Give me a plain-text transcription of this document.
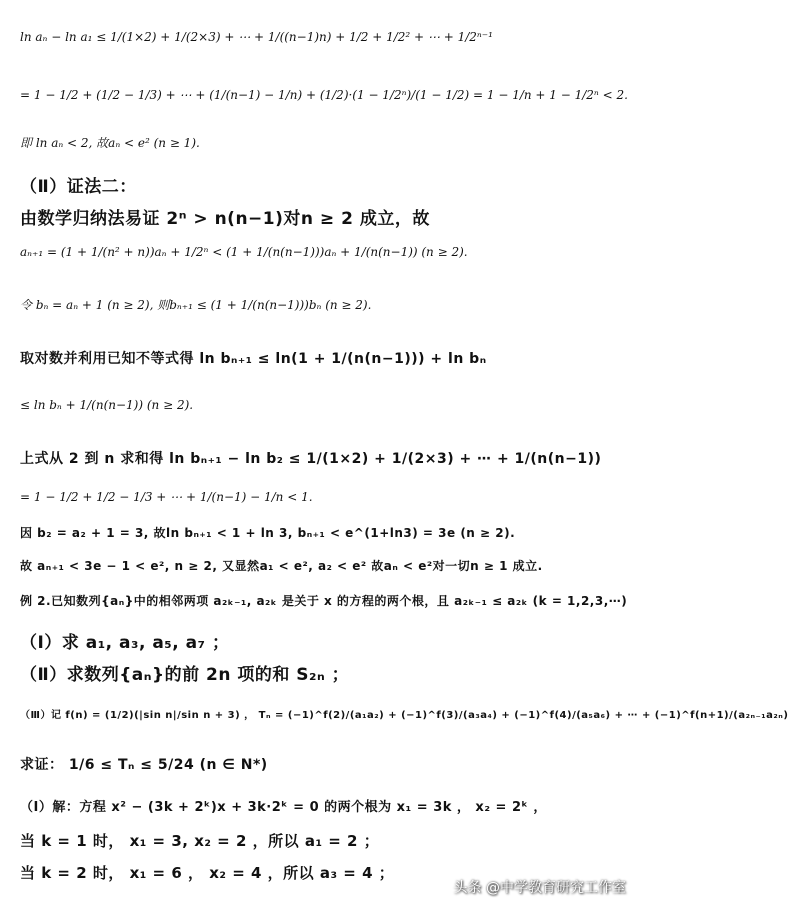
ln aₙ − ln a₁ ≤ 1/(1×2) + 1/(2×3) + ⋯ + 1/((n−1)n) + 1/2 + 1/2² + ⋯ + 1/2ⁿ⁻¹
= 1 − 1/2 + (1/2 − 1/3) + ⋯ + (1/(n−1) − 1/n) + (1/2)·(1 − 1/2ⁿ)/(1 − 1/2) = 1 − 1/n + 1 − 1/2ⁿ < 2.
即 ln aₙ < 2, 故aₙ < e² (n ≥ 1).
（Ⅱ）证法二：
由数学归纳法易证 2ⁿ > n(n−1)对n ≥ 2 成立，故
aₙ₊₁ = (1 + 1/(n² + n))aₙ + 1/2ⁿ < (1 + 1/(n(n−1)))aₙ + 1/(n(n−1)) (n ≥ 2).
令 bₙ = aₙ + 1 (n ≥ 2), 则bₙ₊₁ ≤ (1 + 1/(n(n−1)))bₙ (n ≥ 2).
取对数并利用已知不等式得 ln bₙ₊₁ ≤ ln(1 + 1/(n(n−1))) + ln bₙ
≤ ln bₙ + 1/(n(n−1)) (n ≥ 2).
上式从 2 到 n 求和得 ln bₙ₊₁ − ln b₂ ≤ 1/(1×2) + 1/(2×3) + ⋯ + 1/(n(n−1))
= 1 − 1/2 + 1/2 − 1/3 + ⋯ + 1/(n−1) − 1/n < 1.
因 b₂ = a₂ + 1 = 3, 故ln bₙ₊₁ < 1 + ln 3, bₙ₊₁ < e^(1+ln3) = 3e (n ≥ 2).
故 aₙ₊₁ < 3e − 1 < e², n ≥ 2, 又显然a₁ < e², a₂ < e² 故aₙ < e²对一切n ≥ 1 成立.
例 2.已知数列{aₙ}中的相邻两项 a₂ₖ₋₁, a₂ₖ 是关于 x 的方程的两个根，且 a₂ₖ₋₁ ≤ a₂ₖ (k = 1,2,3,⋯)
（Ⅰ）求 a₁, a₃, a₅, a₇ ；
（Ⅱ）求数列{aₙ}的前 2n 项的和 S₂ₙ ；
（Ⅲ）记 f(n) = (1/2)(|sin n|/sin n + 3) ， Tₙ = (−1)^f(2)/(a₁a₂) + (−1)^f(3)/(a₃a₄) + (−1)^f(4)/(a₅a₆) + ⋯ + (−1)^f(n+1)/(a₂ₙ₋₁a₂ₙ)
求证： 1/6 ≤ Tₙ ≤ 5/24 (n ∈ N*)
（Ⅰ）解：方程 x² − (3k + 2ᵏ)x + 3k·2ᵏ = 0 的两个根为 x₁ = 3k ， x₂ = 2ᵏ ，
当 k = 1 时， x₁ = 3, x₂ = 2 ，所以 a₁ = 2 ；
当 k = 2 时， x₁ = 6 ， x₂ = 4 ，所以 a₃ = 4 ；
头条 @中学教育研究工作室
